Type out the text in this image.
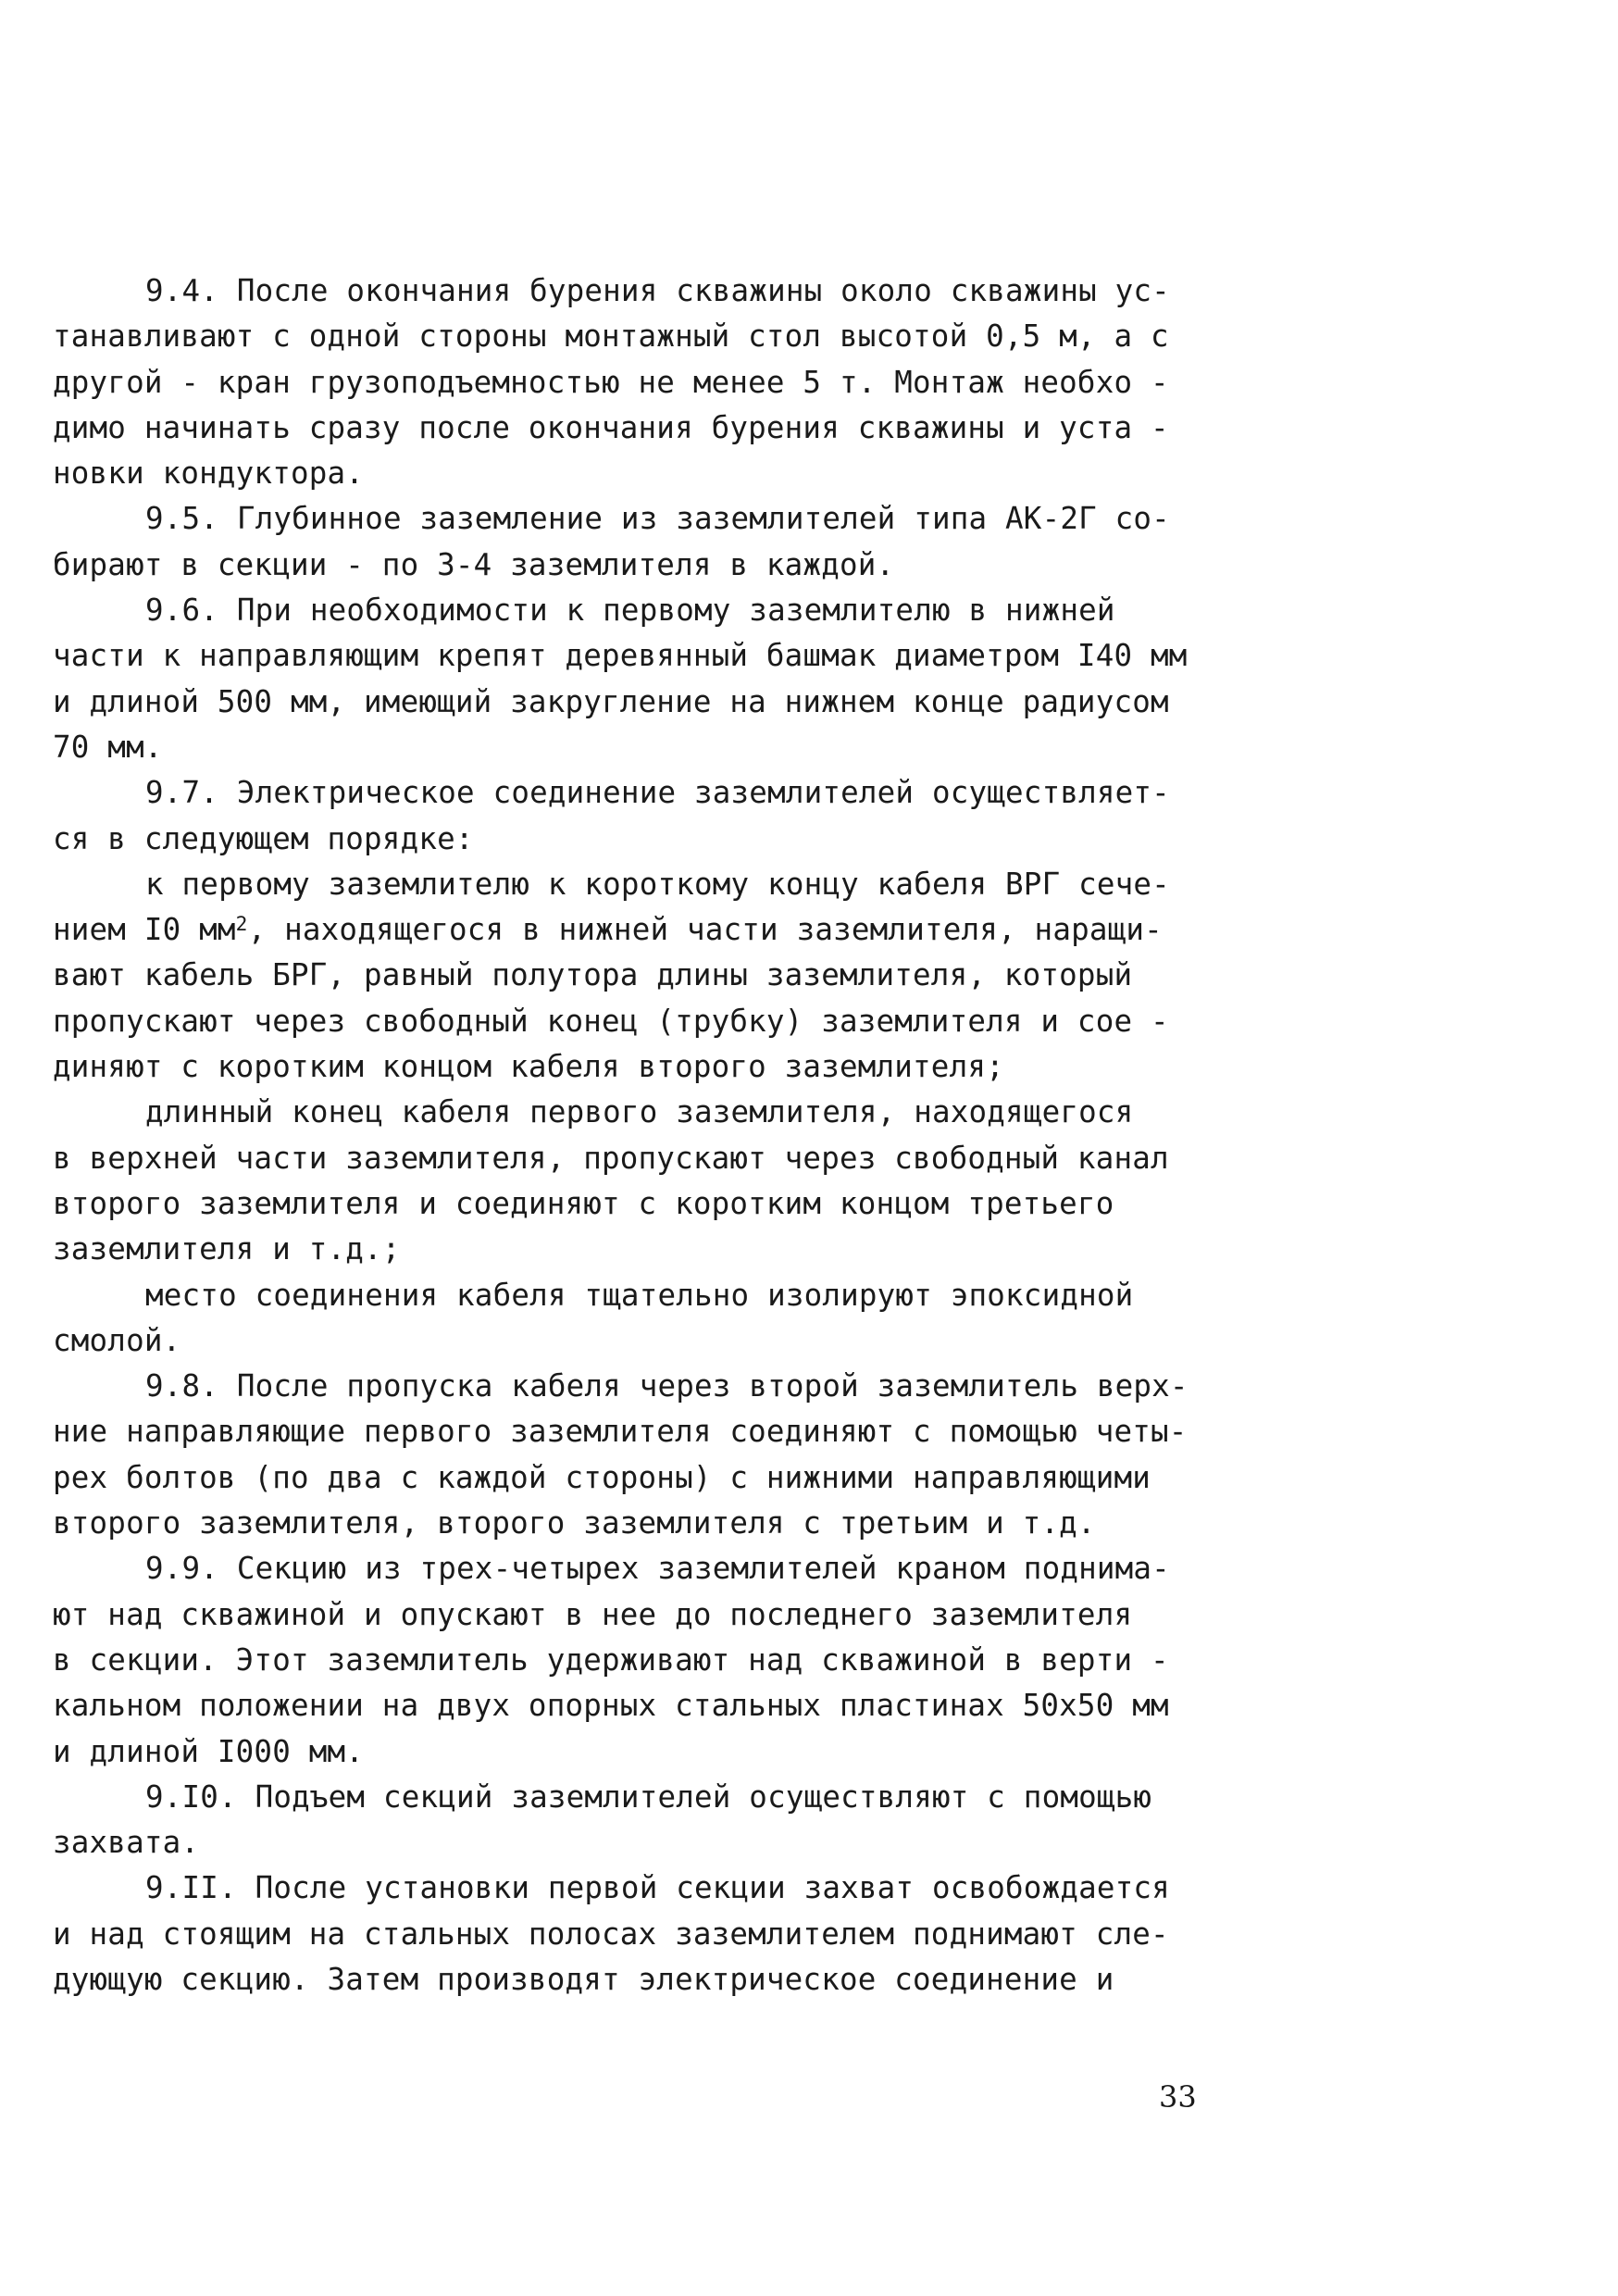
9.4. После окончания бурения скважины около скважины ус-
танавливают с одной стороны монтажный стол высотой 0,5 м, а с
другой - кран грузоподъемностью не менее 5 т. Монтаж необхо -
димо начинать сразу после окончания бурения скважины и уста -
новки кондуктора.
9.5. Глубинное заземление из заземлителей типа АК-2Г со-
бирают в секции - по 3-4 заземлителя в каждой.
9.6. При необходимости к первому заземлителю в нижней
части к направляющим крепят деревянный башмак диаметром I40 мм
и длиной 500 мм, имеющий закругление на нижнем конце радиусом
70 мм.
9.7. Электрическое соединение заземлителей осуществляет-
ся в следующем порядке:
к первому заземлителю к короткому концу кабеля ВРГ сече-
нием I0 $мм^2$, находящегося в нижней части заземлителя, наращи-
вают кабель БРГ, равный полутора длины заземлителя, который
пропускают через свободный конец (трубку) заземлителя и сое -
диняют с коротким концом кабеля второго заземлителя;
длинный конец кабеля первого заземлителя, находящегося
в верхней части заземлителя, пропускают через свободный канал
второго заземлителя и соединяют с коротким концом третьего
заземлителя и т.д.;
место соединения кабеля тщательно изолируют эпоксидной
смолой.
9.8. После пропуска кабеля через второй заземлитель верх-
ние направляющие первого заземлителя соединяют с помощью четы-
рех болтов (по два с каждой стороны) с нижними направляющими
второго заземлителя, второго заземлителя с третьим и т.д.
9.9. Секцию из трех-четырех заземлителей краном поднима-
ют над скважиной и опускают в нее до последнего заземлителя
в секции. Этот заземлитель удерживают над скважиной в верти -
кальном положении на двух опорных стальных пластинах 50х50 мм
и длиной I000 мм.
9.I0. Подъем секций заземлителей осуществляют с помощью
захвата.
9.II. После установки первой секции захват освобождается
и над стоящим на стальных полосах заземлителем поднимают сле-
дующую секцию. Затем производят электрическое соединение и
33
